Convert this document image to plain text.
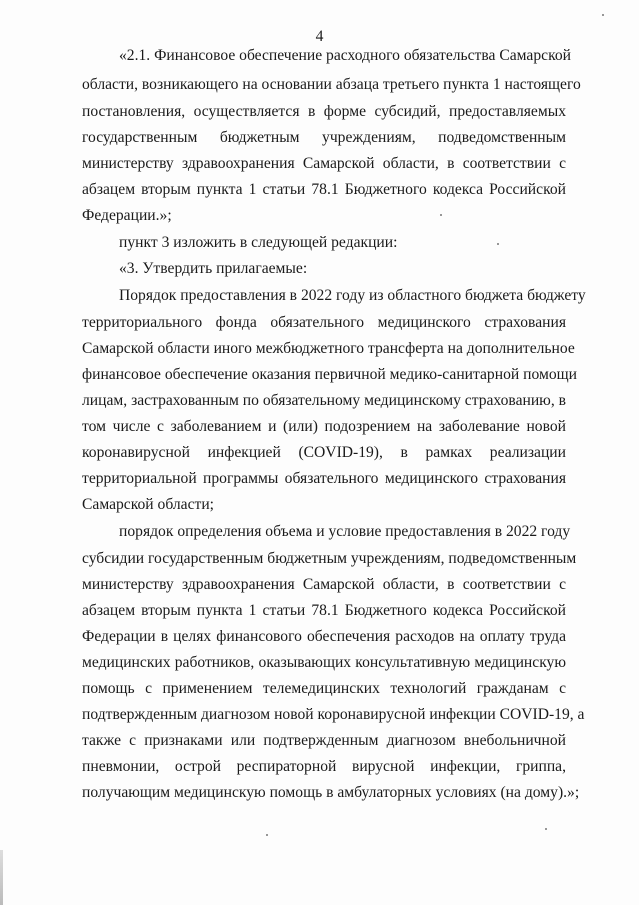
4
«2.1. Финансовое обеспечение расходного обязательства Самарской
области, возникающего на основании абзаца третьего пункта 1 настоящего
постановления, осуществляется в форме субсидий, предоставляемых
государственным бюджетным учреждениям, подведомственным
министерству здравоохранения Самарской области, в соответствии с
абзацем вторым пункта 1 статьи 78.1 Бюджетного кодекса Российской
Федерации.»;
пункт 3 изложить в следующей редакции:
«3. Утвердить прилагаемые:
Порядок предоставления в 2022 году из областного бюджета бюджету
территориального фонда обязательного медицинского страхования
Самарской области иного межбюджетного трансферта на дополнительное
финансовое обеспечение оказания первичной медико-санитарной помощи
лицам, застрахованным по обязательному медицинскому страхованию, в
том числе с заболеванием и (или) подозрением на заболевание новой
коронавирусной инфекцией (COVID-19), в рамках реализации
территориальной программы обязательного медицинского страхования
Самарской области;
порядок определения объема и условие предоставления в 2022 году
субсидии государственным бюджетным учреждениям, подведомственным
министерству здравоохранения Самарской области, в соответствии с
абзацем вторым пункта 1 статьи 78.1 Бюджетного кодекса Российской
Федерации в целях финансового обеспечения расходов на оплату труда
медицинских работников, оказывающих консультативную медицинскую
помощь с применением телемедицинских технологий гражданам с
подтвержденным диагнозом новой коронавирусной инфекции COVID-19, а
также с признаками или подтвержденным диагнозом внебольничной
пневмонии, острой респираторной вирусной инфекции, гриппа,
получающим медицинскую помощь в амбулаторных условиях (на дому).»;
